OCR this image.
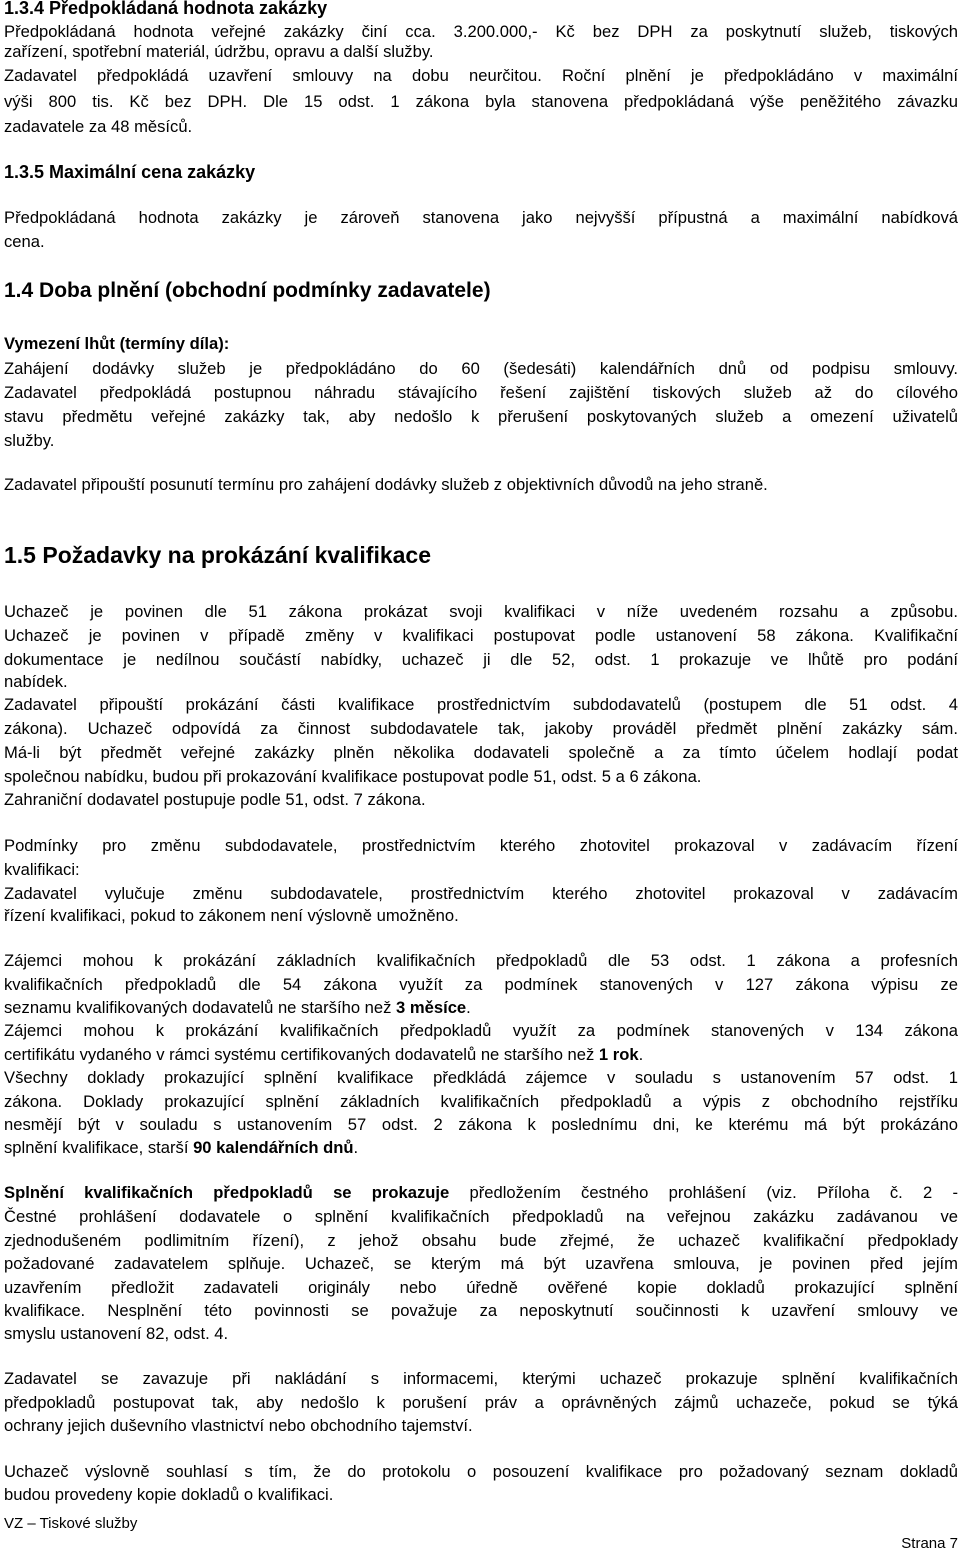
1.3.4 Předpokládaná hodnota zakázky
Předpokládaná hodnota veřejné zakázky činí cca. 3.200.000,- Kč bez DPH za poskytnutí služeb, tiskových
zařízení, spotřební materiál, údržbu, opravu a další služby.
Zadavatel předpokládá uzavření smlouvy na dobu neurčitou. Roční plnění je předpokládáno v maximální
výši 800 tis. Kč bez DPH. Dle 15 odst. 1 zákona byla stanovena předpokládaná výše peněžitého závazku
zadavatele za 48 měsíců.
1.3.5 Maximální cena zakázky
Předpokládaná hodnota zakázky je zároveň stanovena jako nejvyšší přípustná a maximální nabídková
cena.
1.4 Doba plnění (obchodní podmínky zadavatele)
Vymezení lhůt (termíny díla):
Zahájení dodávky služeb je předpokládáno do 60 (šedesáti) kalendářních dnů od podpisu smlouvy.
Zadavatel předpokládá postupnou náhradu stávajícího řešení zajištění tiskových služeb až do cílového
stavu předmětu veřejné zakázky tak, aby nedošlo k přerušení poskytovaných služeb a omezení uživatelů
služby.
Zadavatel připouští posunutí termínu pro zahájení dodávky služeb z objektivních důvodů na jeho straně.
1.5 Požadavky na prokázání kvalifikace
Uchazeč je povinen dle 51 zákona prokázat svoji kvalifikaci v níže uvedeném rozsahu a způsobu.
Uchazeč je povinen v případě změny v kvalifikaci postupovat podle ustanovení 58 zákona. Kvalifikační
dokumentace je nedílnou součástí nabídky, uchazeč ji dle 52, odst. 1 prokazuje ve lhůtě pro podání
nabídek.
Zadavatel připouští prokázání části kvalifikace prostřednictvím subdodavatelů (postupem dle 51 odst. 4
zákona). Uchazeč odpovídá za činnost subdodavatele tak, jakoby prováděl předmět plnění zakázky sám.
Má-li být předmět veřejné zakázky plněn několika dodavateli společně a za tímto účelem hodlají podat
společnou nabídku, budou při prokazování kvalifikace postupovat podle 51, odst. 5 a 6 zákona.
Zahraniční dodavatel postupuje podle 51, odst. 7 zákona.
Podmínky pro změnu subdodavatele, prostřednictvím kterého zhotovitel prokazoval v zadávacím řízení
kvalifikaci:
Zadavatel vylučuje změnu subdodavatele, prostřednictvím kterého zhotovitel prokazoval v zadávacím
řízení kvalifikaci, pokud to zákonem není výslovně umožněno.
Zájemci mohou k prokázání základních kvalifikačních předpokladů dle 53 odst. 1 zákona a profesních
kvalifikačních předpokladů dle 54 zákona využít za podmínek stanovených v 127 zákona výpisu ze
seznamu kvalifikovaných dodavatelů ne staršího než 3 měsíce.
Zájemci mohou k prokázání kvalifikačních předpokladů využít za podmínek stanovených v 134 zákona
certifikátu vydaného v rámci systému certifikovaných dodavatelů ne staršího než 1 rok.
Všechny doklady prokazující splnění kvalifikace předkládá zájemce v souladu s ustanovením 57 odst. 1
zákona. Doklady prokazující splnění základních kvalifikačních předpokladů a výpis z obchodního rejstříku
nesmějí být v souladu s ustanovením 57 odst. 2 zákona k poslednímu dni, ke kterému má být prokázáno
splnění kvalifikace, starší 90 kalendářních dnů.
Splnění kvalifikačních předpokladů se prokazuje předložením čestného prohlášení (viz. Příloha č. 2 -
Čestné prohlášení dodavatele o splnění kvalifikačních předpokladů na veřejnou zakázku zadávanou ve
zjednodušeném podlimitním řízení), z jehož obsahu bude zřejmé, že uchazeč kvalifikační předpoklady
požadované zadavatelem splňuje. Uchazeč, se kterým má být uzavřena smlouva, je povinen před jejím
uzavřením předložit zadavateli originály nebo úředně ověřené kopie dokladů prokazující splnění
kvalifikace. Nesplnění této povinnosti se považuje za neposkytnutí součinnosti k uzavření smlouvy ve
smyslu ustanovení 82, odst. 4.
Zadavatel se zavazuje při nakládání s informacemi, kterými uchazeč prokazuje splnění kvalifikačních
předpokladů postupovat tak, aby nedošlo k porušení práv a oprávněných zájmů uchazeče, pokud se týká
ochrany jejich duševního vlastnictví nebo obchodního tajemství.
Uchazeč výslovně souhlasí s tím, že do protokolu o posouzení kvalifikace pro požadovaný seznam dokladů
budou provedeny kopie dokladů o kvalifikaci.
VZ – Tiskové služby
Strana 7
